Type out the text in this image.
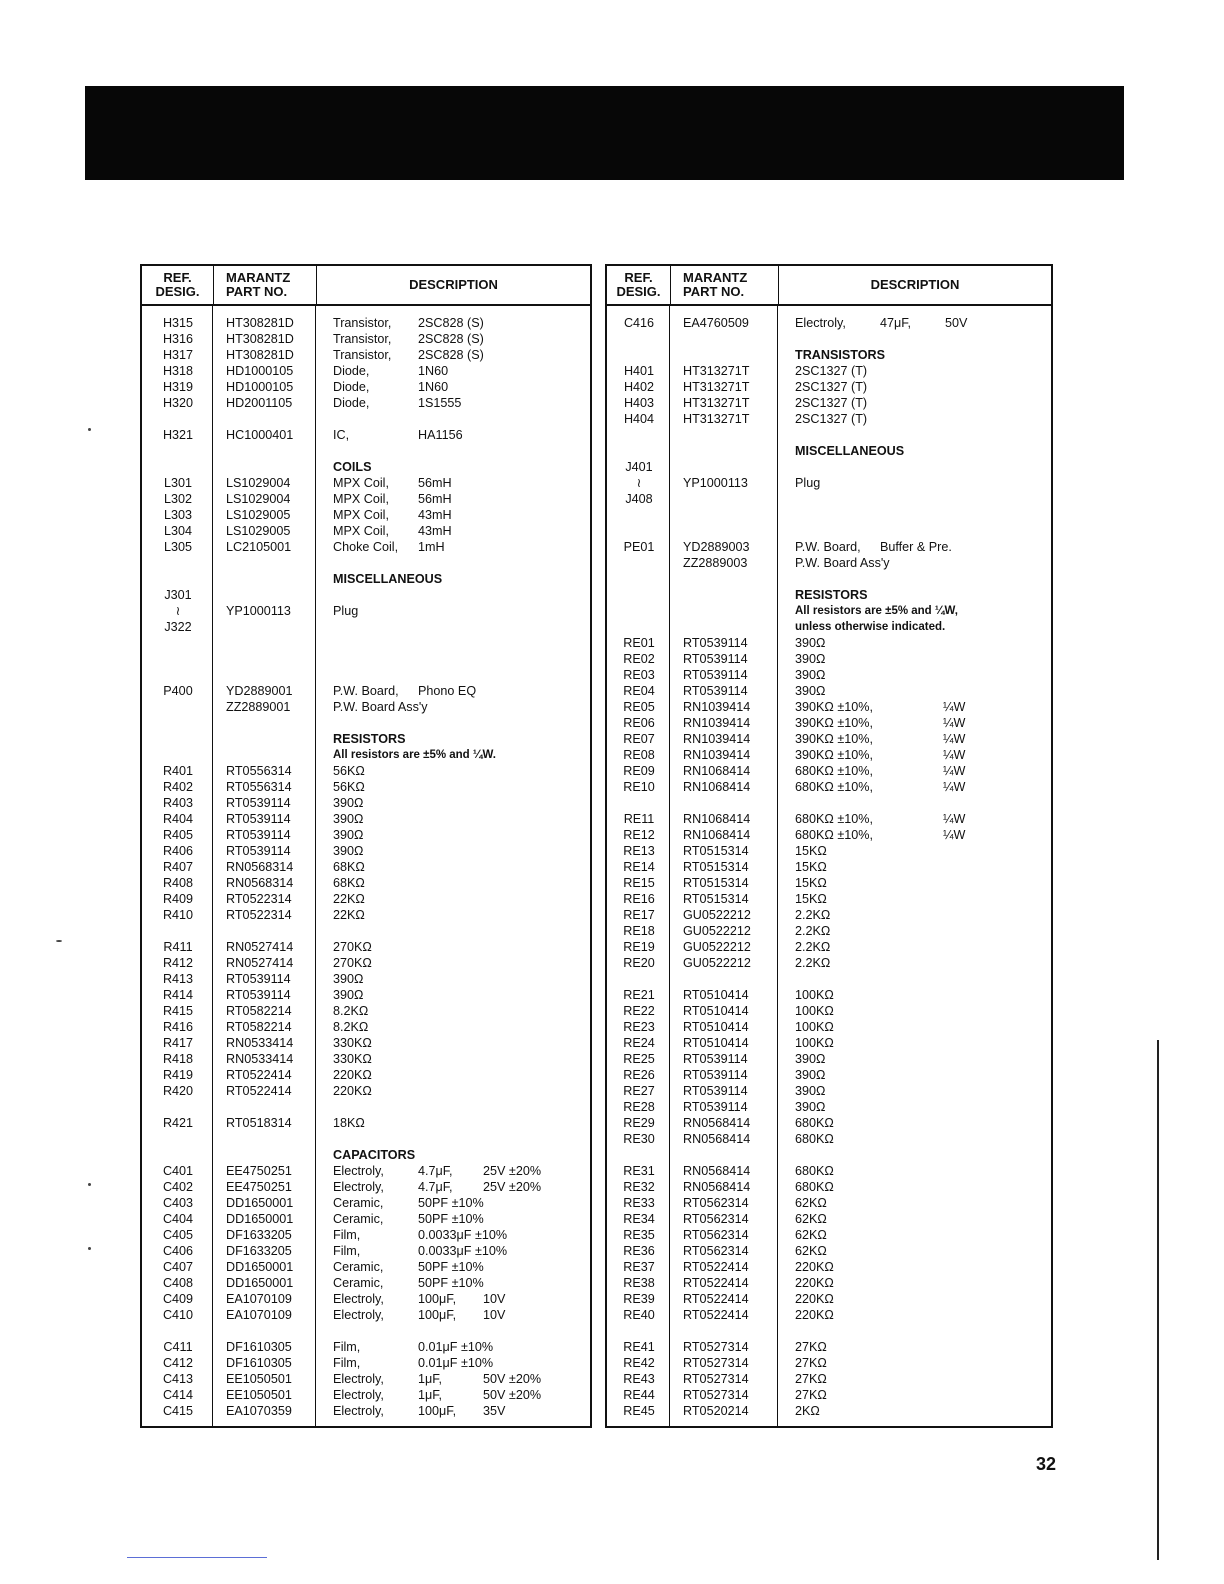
REF.
DESIG.
MARANTZ
PART NO.	DESCRIPTION
H315	HT308281D	Transistor,	2SC828 (S)
H316	HT308281D	Transistor,	2SC828 (S)
H317	HT308281D	Transistor,	2SC828 (S)
H318	HD1000105	Diode,	1N60
H319	HD1000105	Diode,	1N60
H320	HD2001105	Diode,	1S1555
H321	HC1000401	IC,	HA1156
COILS
L301	LS1029004	MPX Coil,	56mH
L302	LS1029004	MPX Coil,	56mH
L303	LS1029005	MPX Coil,	43mH
L304	LS1029005	MPX Coil,	43mH
L305	LC2105001	Choke Coil,	1mH
MISCELLANEOUS
J301
≀	YP1000113	Plug
J322
P400	YD2889001	P.W. Board,	Phono EQ
ZZ2889001	P.W. Board Ass'y
RESISTORS
All resistors are ±5% and ¼W.
R401	RT0556314	56KΩ
R402	RT0556314	56KΩ
R403	RT0539114	390Ω
R404	RT0539114	390Ω
R405	RT0539114	390Ω
R406	RT0539114	390Ω
R407	RN0568314	68KΩ
R408	RN0568314	68KΩ
R409	RT0522314	22KΩ
R410	RT0522314	22KΩ
R411	RN0527414	270KΩ
R412	RN0527414	270KΩ
R413	RT0539114	390Ω
R414	RT0539114	390Ω
R415	RT0582214	8.2KΩ
R416	RT0582214	8.2KΩ
R417	RN0533414	330KΩ
R418	RN0533414	330KΩ
R419	RT0522414	220KΩ
R420	RT0522414	220KΩ
R421	RT0518314	18KΩ
CAPACITORS
C401	EE4750251	Electroly,	4.7μF,	25V ±20%
C402	EE4750251	Electroly,	4.7μF,	25V ±20%
C403	DD1650001	Ceramic,	50PF ±10%
C404	DD1650001	Ceramic,	50PF ±10%
C405	DF1633205	Film,	0.0033μF ±10%
C406	DF1633205	Film,	0.0033μF ±10%
C407	DD1650001	Ceramic,	50PF ±10%
C408	DD1650001	Ceramic,	50PF ±10%
C409	EA1070109	Electroly,	100μF,	10V
C410	EA1070109	Electroly,	100μF,	10V
C411	DF1610305	Film,	0.01μF ±10%
C412	DF1610305	Film,	0.01μF ±10%
C413	EE1050501	Electroly,	1μF,	50V ±20%
C414	EE1050501	Electroly,	1μF,	50V ±20%
C415	EA1070359	Electroly,	100μF,	35V
REF.
DESIG.
MARANTZ
PART NO.	DESCRIPTION
C416	EA4760509	Electroly,	47μF,	50V
TRANSISTORS
H401	HT313271T	2SC1327 (T)
H402	HT313271T	2SC1327 (T)
H403	HT313271T	2SC1327 (T)
H404	HT313271T	2SC1327 (T)
MISCELLANEOUS
J401
≀	YP1000113	Plug
J408
PE01	YD2889003	P.W. Board,	Buffer & Pre.
ZZ2889003	P.W. Board Ass'y
RESISTORS
All resistors are ±5% and ¼W,
unless otherwise indicated.
RE01	RT0539114	390Ω
RE02	RT0539114	390Ω
RE03	RT0539114	390Ω
RE04	RT0539114	390Ω
RE05	RN1039414	390KΩ ±10%,	¼W
RE06	RN1039414	390KΩ ±10%,	¼W
RE07	RN1039414	390KΩ ±10%,	¼W
RE08	RN1039414	390KΩ ±10%,	¼W
RE09	RN1068414	680KΩ ±10%,	¼W
RE10	RN1068414	680KΩ ±10%,	¼W
RE11	RN1068414	680KΩ ±10%,	¼W
RE12	RN1068414	680KΩ ±10%,	¼W
RE13	RT0515314	15KΩ
RE14	RT0515314	15KΩ
RE15	RT0515314	15KΩ
RE16	RT0515314	15KΩ
RE17	GU0522212	2.2KΩ
RE18	GU0522212	2.2KΩ
RE19	GU0522212	2.2KΩ
RE20	GU0522212	2.2KΩ
RE21	RT0510414	100KΩ
RE22	RT0510414	100KΩ
RE23	RT0510414	100KΩ
RE24	RT0510414	100KΩ
RE25	RT0539114	390Ω
RE26	RT0539114	390Ω
RE27	RT0539114	390Ω
RE28	RT0539114	390Ω
RE29	RN0568414	680KΩ
RE30	RN0568414	680KΩ
RE31	RN0568414	680KΩ
RE32	RN0568414	680KΩ
RE33	RT0562314	62KΩ
RE34	RT0562314	62KΩ
RE35	RT0562314	62KΩ
RE36	RT0562314	62KΩ
RE37	RT0522414	220KΩ
RE38	RT0522414	220KΩ
RE39	RT0522414	220KΩ
RE40	RT0522414	220KΩ
RE41	RT0527314	27KΩ
RE42	RT0527314	27KΩ
RE43	RT0527314	27KΩ
RE44	RT0527314	27KΩ
RE45	RT0520214	2KΩ
32
